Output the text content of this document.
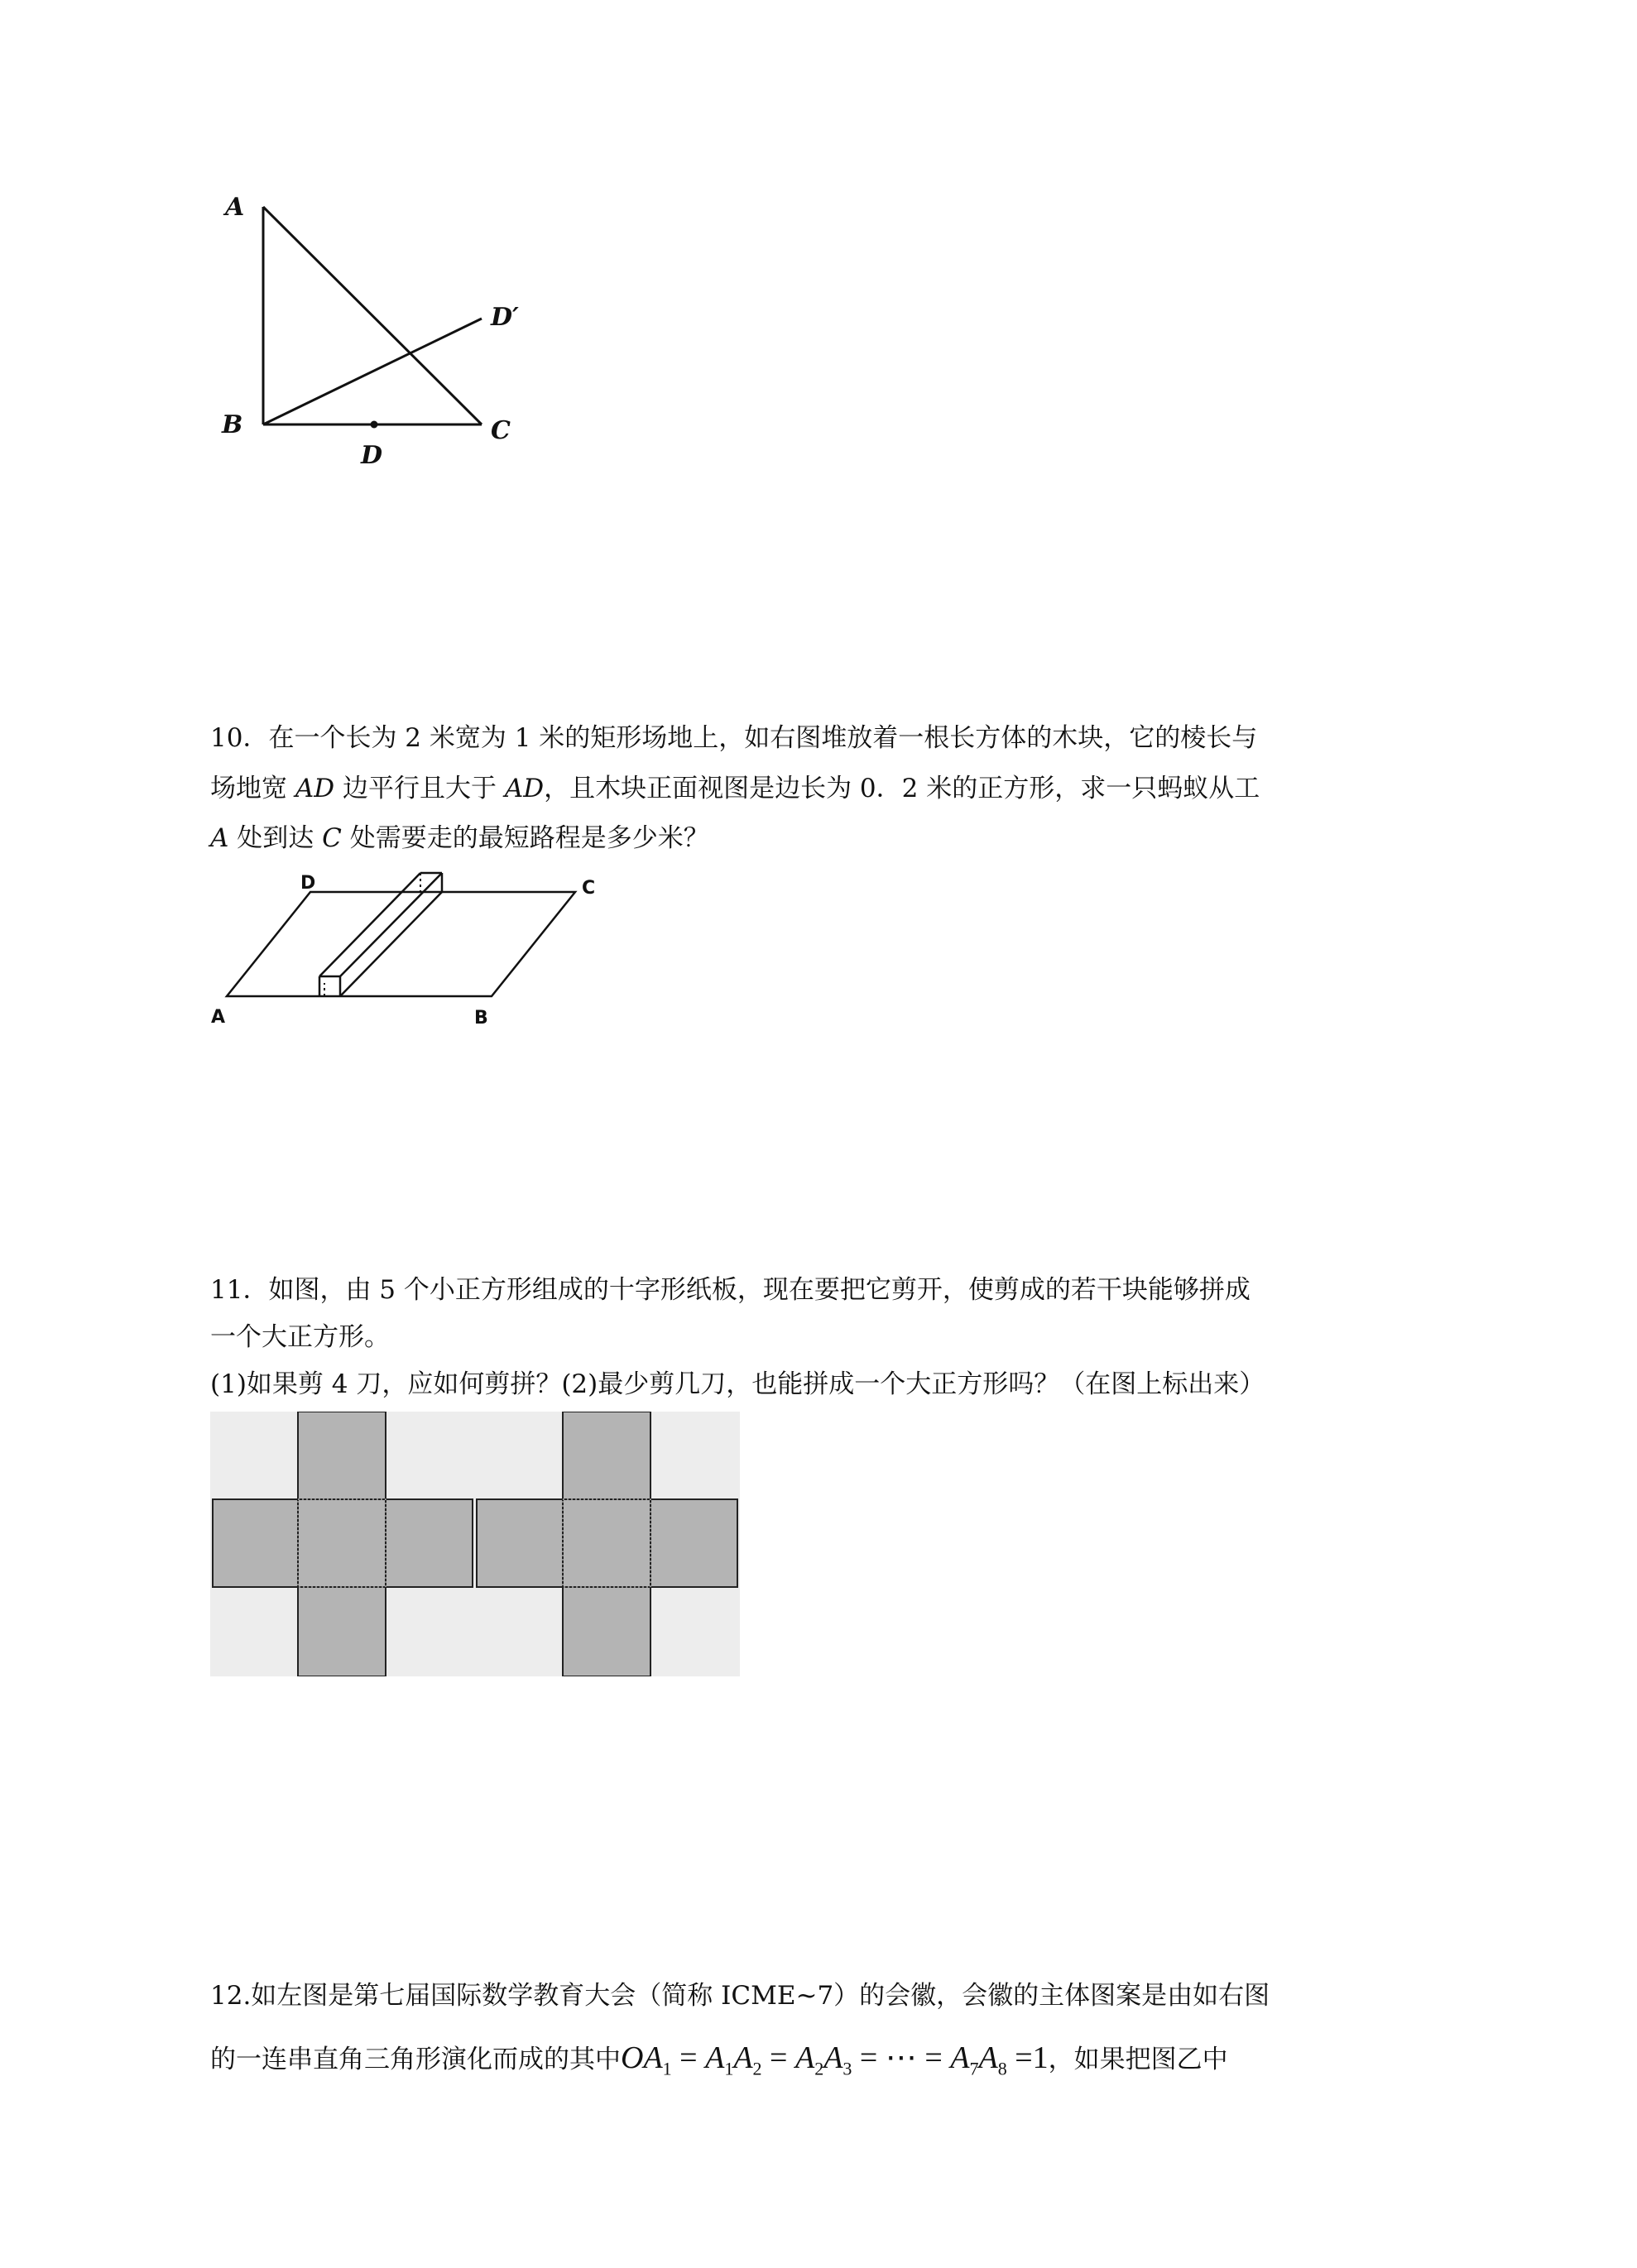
A
D′
B	C
D
10．在一个长为 2 米宽为 1 米的矩形场地上，如右图堆放着一根长方体的木块，它的棱长与
场地宽 AD 边平行且大于 AD，且木块正面视图是边长为 0．2 米的正方形，求一只蚂蚁从工
A 处到达 C 处需要走的最短路程是多少米？
D	C
A	B
11．如图，由 5 个小正方形组成的十字形纸板，现在要把它剪开，使剪成的若干块能够拼成
一个大正方形。
(1)如果剪 4 刀，应如何剪拼？(2)最少剪几刀，也能拼成一个大正方形吗？（在图上标出来）
12.如左图是第七届国际数学教育大会（简称 ICME~7）的会徽，会徽的主体图案是由如右图
的一连串直角三角形演化而成的其中$OA_1 = A_1A_2 = A_2A_3$ = ⋯ = $A_7A_8 =1$，如果把图乙中
